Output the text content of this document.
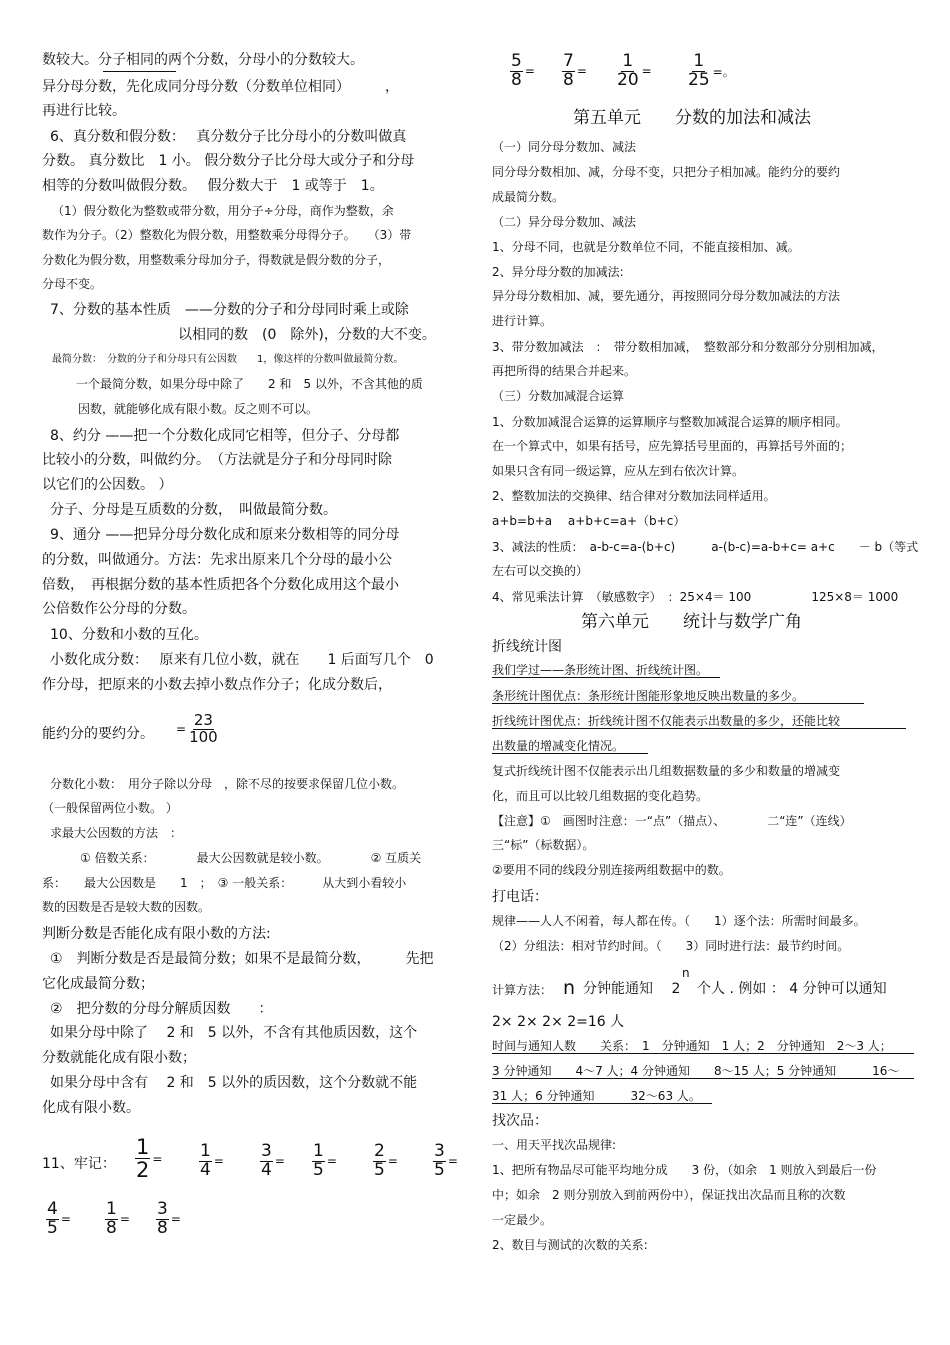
数较大。分子相同的两个分数，分母小的分数较大。
异分母分数，先化成同分母分数（分数单位相同）　　　，
再进行比较。
6、真分数和假分数：　 真分数分子比分母小的分数叫做真
分数。 真分数比　1 小。 假分数分子比分母大或分子和分母
相等的分数叫做假分数。　 假分数大于　1 或等于　1。
（1）假分数化为整数或带分数，用分子÷分母，商作为整数，余
数作为分子。（2）整数化为假分数，用整数乘分母得分子。　　（3）带
分数化为假分数，用整数乘分母加分子，得数就是假分数的分子，
分母不变。
7、分数的基本性质　——分数的分子和分母同时乘上或除
以相同的数　(0　除外)，分数的大不变。
最简分数：　分数的分子和分母只有公因数　　1，像这样的分数叫做最简分数。
一个最简分数，如果分母中除了　　2 和　5 以外，不含其他的质
因数，就能够化成有限小数。反之则不可以。
8、约分 ——把一个分数化成同它相等，但分子、分母都
比较小的分数，叫做约分。　（方法就是分子和分母同时除
以它们的公因数。 ）
分子、分母是互质数的分数，　叫做最简分数。
9、通分 ——把异分母分数化成和原来分数相等的同分母
的分数，叫做通分。方法：先求出原来几个分母的最小公
倍数，　再根据分数的基本性质把各个分数化成用这个最小
公倍数作公分母的分数。
10、分数和小数的互化。
小数化成分数：　 原来有几位小数，就在　　1 后面写几个　0
作分母，把原来的小数去掉小数点作分子；化成分数后，
能约分的要约分。 = $\frac{23}{100}$
分数化小数：　用分子除以分母　，除不尽的按要求保留几位小数。
（一般保留两位小数。 ）
求最大公因数的方法　：
① 倍数关系：　　　　最大公因数就是较小数。　　　　② 互质关
系：　　最大公因数是　　1　；　③ 一般关系：　　　从大到小看较小
数的因数是否是较大数的因数。
判断分数是否能化成有限小数的方法:
①　判断分数是否是最简分数；如果不是最简分数，　　　先把
它化成最简分数；
②　把分数的分母分解质因数　　：
如果分母中除了　 2 和　5 以外，不含有其他质因数，这个
分数就能化成有限小数；
如果分母中含有　 2 和　5 以外的质因数，这个分数就不能
化成有限小数。
11、牢记： $\frac{1}{2} = \frac{1}{4} = \frac{3}{4} = \frac{1}{5} = \frac{2}{5} = \frac{3}{5}$ =
$\frac{4}{5} = \frac{1}{8} = \frac{3}{8}$ =
$\frac{5}{8} = \frac{7}{8} = \frac{1}{20} = \frac{1}{25}$ =。
第五单元　　分数的加法和减法
（一）同分母分数加、减法
同分母分数相加、减，分母不变，只把分子相加减。能约分的要约
成最简分数。
（二）异分母分数加、减法
1、分母不同，也就是分数单位不同，不能直接相加、减。
2、异分母分数的加减法:
异分母分数相加、减，要先通分，再按照同分母分数加减法的方法
进行计算。
3、带分数加减法　：　带分数相加减，　整数部分和分数部分分别相加减，
再把所得的结果合并起来。
（三）分数加减混合运算
1、分数加减混合运算的运算顺序与整数加减混合运算的顺序相同。
在一个算式中，如果有括号，应先算括号里面的，再算括号外面的；
如果只含有同一级运算，应从左到右依次计算。
2、整数加法的交换律、结合律对分数加法同样适用。
a+b=b+a　 a+b+c=a+（b+c）
3、减法的性质：　a-b-c=a-(b+c)　　　a-(b-c)=a-b+c= a+c　　－ b（等式
左右可以交换的）
4、常见乘法计算　（敏感数字）　：25×4＝ 100　　　　　125×8＝ 1000
第六单元　　统计与数学广角
折线统计图
我们学过——条形统计图、折线统计图。
条形统计图优点：条形统计图能形象地反映出数量的多少。
折线统计图优点：折线统计图不仅能表示出数量的多少，还能比较
出数量的增减变化情况。
复式折线统计图不仅能表示出几组数据数量的多少和数量的增减变
化，而且可以比较几组数据的变化趋势。
【注意】①　画图时注意：一“点”（描点）、　　　　二“连”（连线）
三“标”（标数据）。
②要用不同的线段分别连接两组数据中的数。
打电话：
规律——人人不闲着，每人都在传。（　　1）逐个法：所需时间最多。
（2）分组法：相对节约时间。（　　3）同时进行法：最节约时间。
计算方法： n 分钟能通知　 2
n
个人 . 例如 ： 4 分钟可以通知
2× 2× 2× 2=16 人
时间与通知人数　　关系：　1　分钟通知　1 人；2　分钟通知　2～3 人；
3 分钟通知　　4～7 人；4 分钟通知　　8～15 人；5 分钟通知　　　16～
31 人；6 分钟通知　　　32～63 人。
找次品：
一、用天平找次品规律:
1、把所有物品尽可能平均地分成　　3 份，（如余　1 则放入到最后一份
中；如余　2 则分别放入到前两份中），保证找出次品而且称的次数
一定最少。
2、数目与测试的次数的关系:
